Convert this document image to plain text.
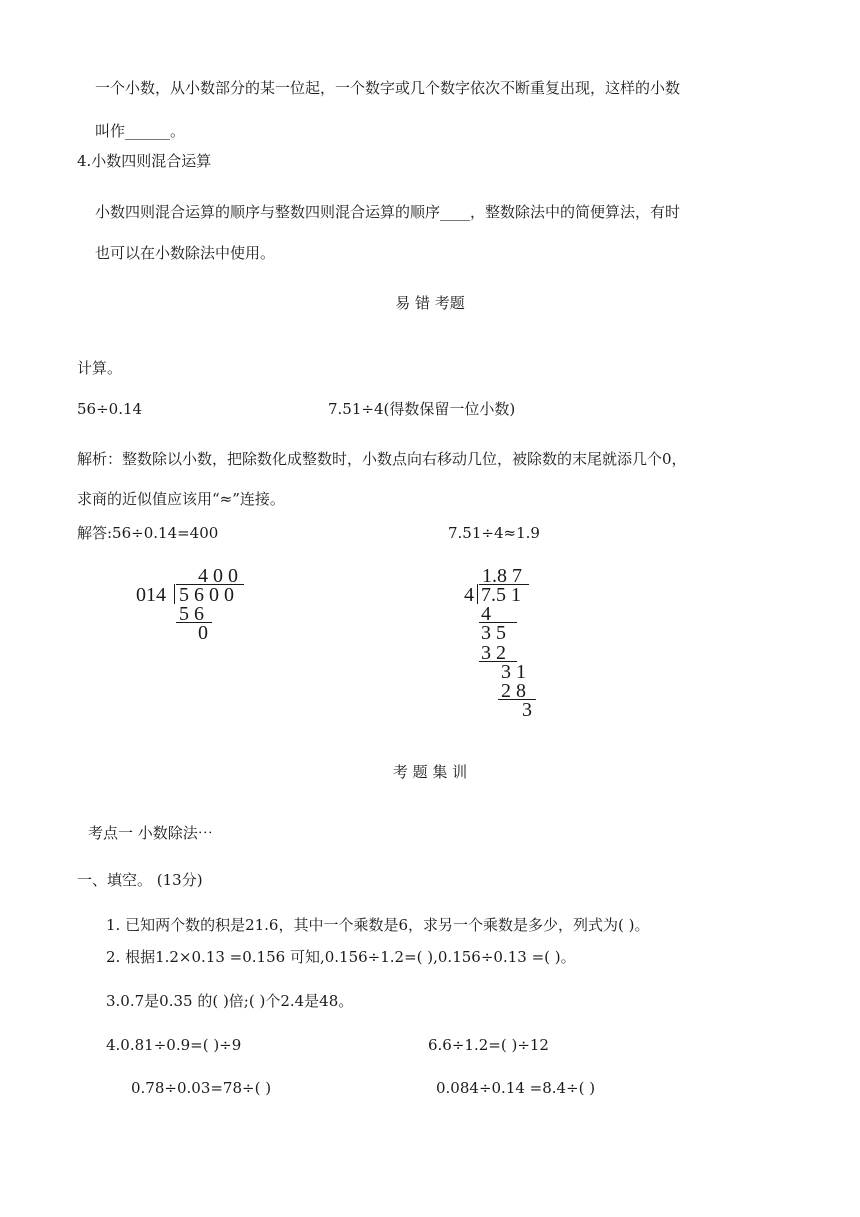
一个小数，从小数部分的某一位起，一个数字或几个数字依次不断重复出现，这样的小数
叫作______。
4.小数四则混合运算
小数四则混合运算的顺序与整数四则混合运算的顺序____，整数除法中的简便算法，有时
也可以在小数除法中使用。
易 错 考题
计算。
56÷0.14	7.51÷4(得数保留一位小数)
解析：整数除以小数，把除数化成整数时，小数点向右移动几位，被除数的末尾就添几个0，
求商的近似值应该用“≈”连接。
解答:56÷0.14=400	7.51÷4≈1.9
4 0 0
014 5 6 0 0
5 6
0
1.8 7
4 7.5 1
4
3 5
3 2
3 1
2 8
3
考 题 集 训
考点一 小数除法⋯
一、填空。 (13分)
1. 已知两个数的积是21.6，其中一个乘数是6，求另一个乘数是多少，列式为( )。
2. 根据1.2×0.13 =0.156 可知,0.156÷1.2=( ),0.156÷0.13 =( )。
3.0.7是0.35 的( )倍;( )个2.4是48。
4.0.81÷0.9=( )÷9	6.6÷1.2=( )÷12
0.78÷0.03=78÷( )	0.084÷0.14 =8.4÷( )
